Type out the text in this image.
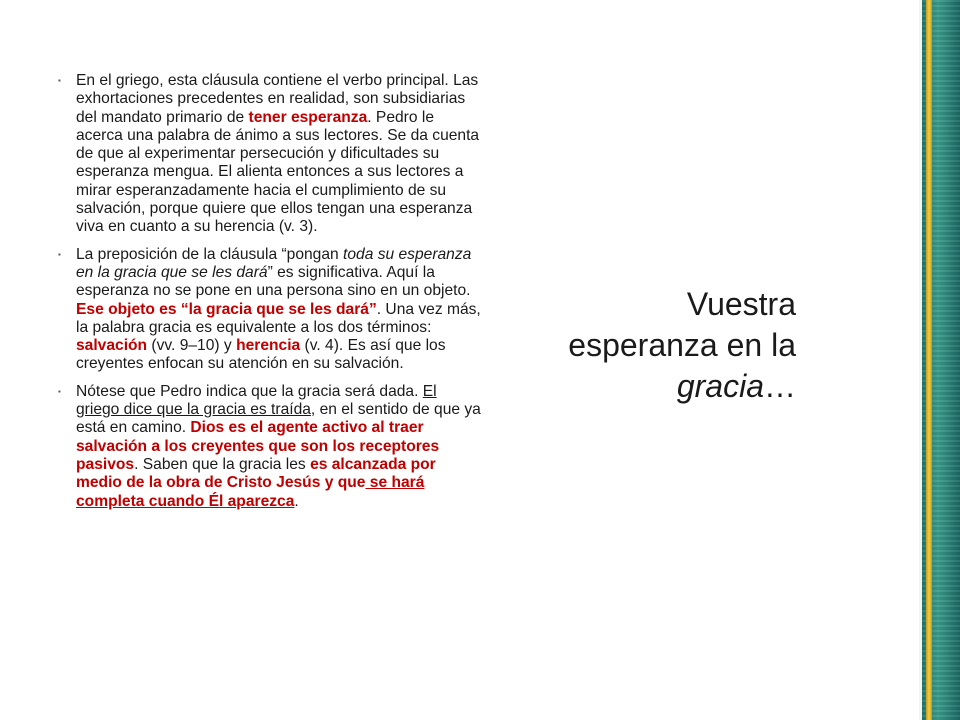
▪ En el griego, esta cláusula contiene el verbo principal. Las exhortaciones precedentes en realidad, son subsidiarias del mandato primario de tener esperanza. Pedro le acerca una palabra de ánimo a sus lectores. Se da cuenta de que al experimentar persecución y dificultades su esperanza mengua. El alienta entonces a sus lectores a mirar esperanzadamente hacia el cumplimiento de su salvación, porque quiere que ellos tengan una esperanza viva en cuanto a su herencia (v. 3).
▪ La preposición de la cláusula “pongan toda su esperanza en la gracia que se les dará” es significativa. Aquí la esperanza no se pone en una persona sino en un objeto. Ese objeto es “la gracia que se les dará”. Una vez más, la palabra gracia es equivalente a los dos términos: salvación (vv. 9–10) y herencia (v. 4). Es así que los creyentes enfocan su atención en su salvación.
▪ Nótese que Pedro indica que la gracia será dada. El griego dice que la gracia es traída, en el sentido de que ya está en camino. Dios es el agente activo al traer salvación a los creyentes que son los receptores pasivos. Saben que la gracia les es alcanzada por medio de la obra de Cristo Jesús y que se hará completa cuando Él aparezca.
Vuestra
esperanza en la
gracia…
